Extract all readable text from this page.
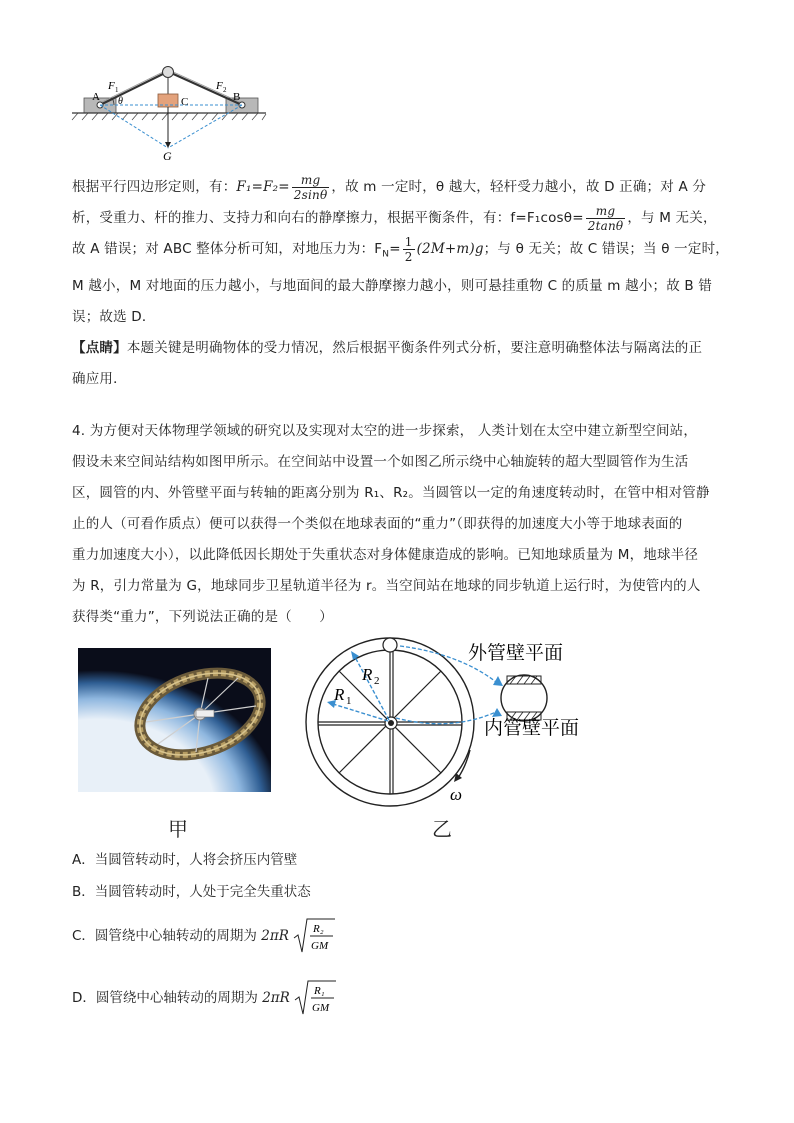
A
F 1
θ	C
F 2
B
G

根据平行四边形定则，有：$F_1=F_2= \frac{mg}{2\sin\theta}$ ，故 m 一定时，θ 越大，轻杆受力越小，故 D 正确；对 A 分

析，受重力、杆的推力、支持力和向右的静摩擦力，根据平衡条件，有：$f=F_1\cos\theta= \frac{mg}{2\tan\theta}$ ，与 M 无关，

故 A 错误；对 ABC 整体分析可知，对地压力为：$F_N= \frac{1}{2} (2M+m)g$；与 θ 无关；故 C 错误；当 θ 一定时，

M 越小，M 对地面的压力越小，与地面间的最大静摩擦力越小，则可悬挂重物 C 的质量 m 越小；故 B 错

误；故选 D．

【点睛】本题关键是明确物体的受力情况，然后根据平衡条件列式分析，要注意明确整体法与隔离法的正

确应用．

4. 为方便对天体物理学领域的研究以及实现对太空的进一步探索， 人类计划在太空中建立新型空间站，

假设未来空间站结构如图甲所示。在空间站中设置一个如图乙所示绕中心轴旋转的超大型圆管作为生活

区，圆管的内、外管壁平面与转轴的距离分别为 R₁、R₂。当圆管以一定的角速度转动时，在管中相对管静

止的人（可看作质点）便可以获得一个类似在地球表面的“重力”（即获得的加速度大小等于地球表面的

重力加速度大小），以此降低因长期处于失重状态对身体健康造成的影响。已知地球质量为 M，地球半径

为 R，引力常量为 G，地球同步卫星轨道半径为 r。当空间站在地球的同步轨道上运行时，为使管内的人

获得类“重力”，下列说法正确的是（　　）

甲
R 2
R 1
外管壁平面
内管壁平面
ω
乙
A．当圆管转动时，人将会挤压内管壁
B．当圆管转动时，人处于完全失重状态
C．圆管绕中心轴转动的周期为 2πR R₂
GM
D．圆管绕中心轴转动的周期为 2πR R₁
GM
